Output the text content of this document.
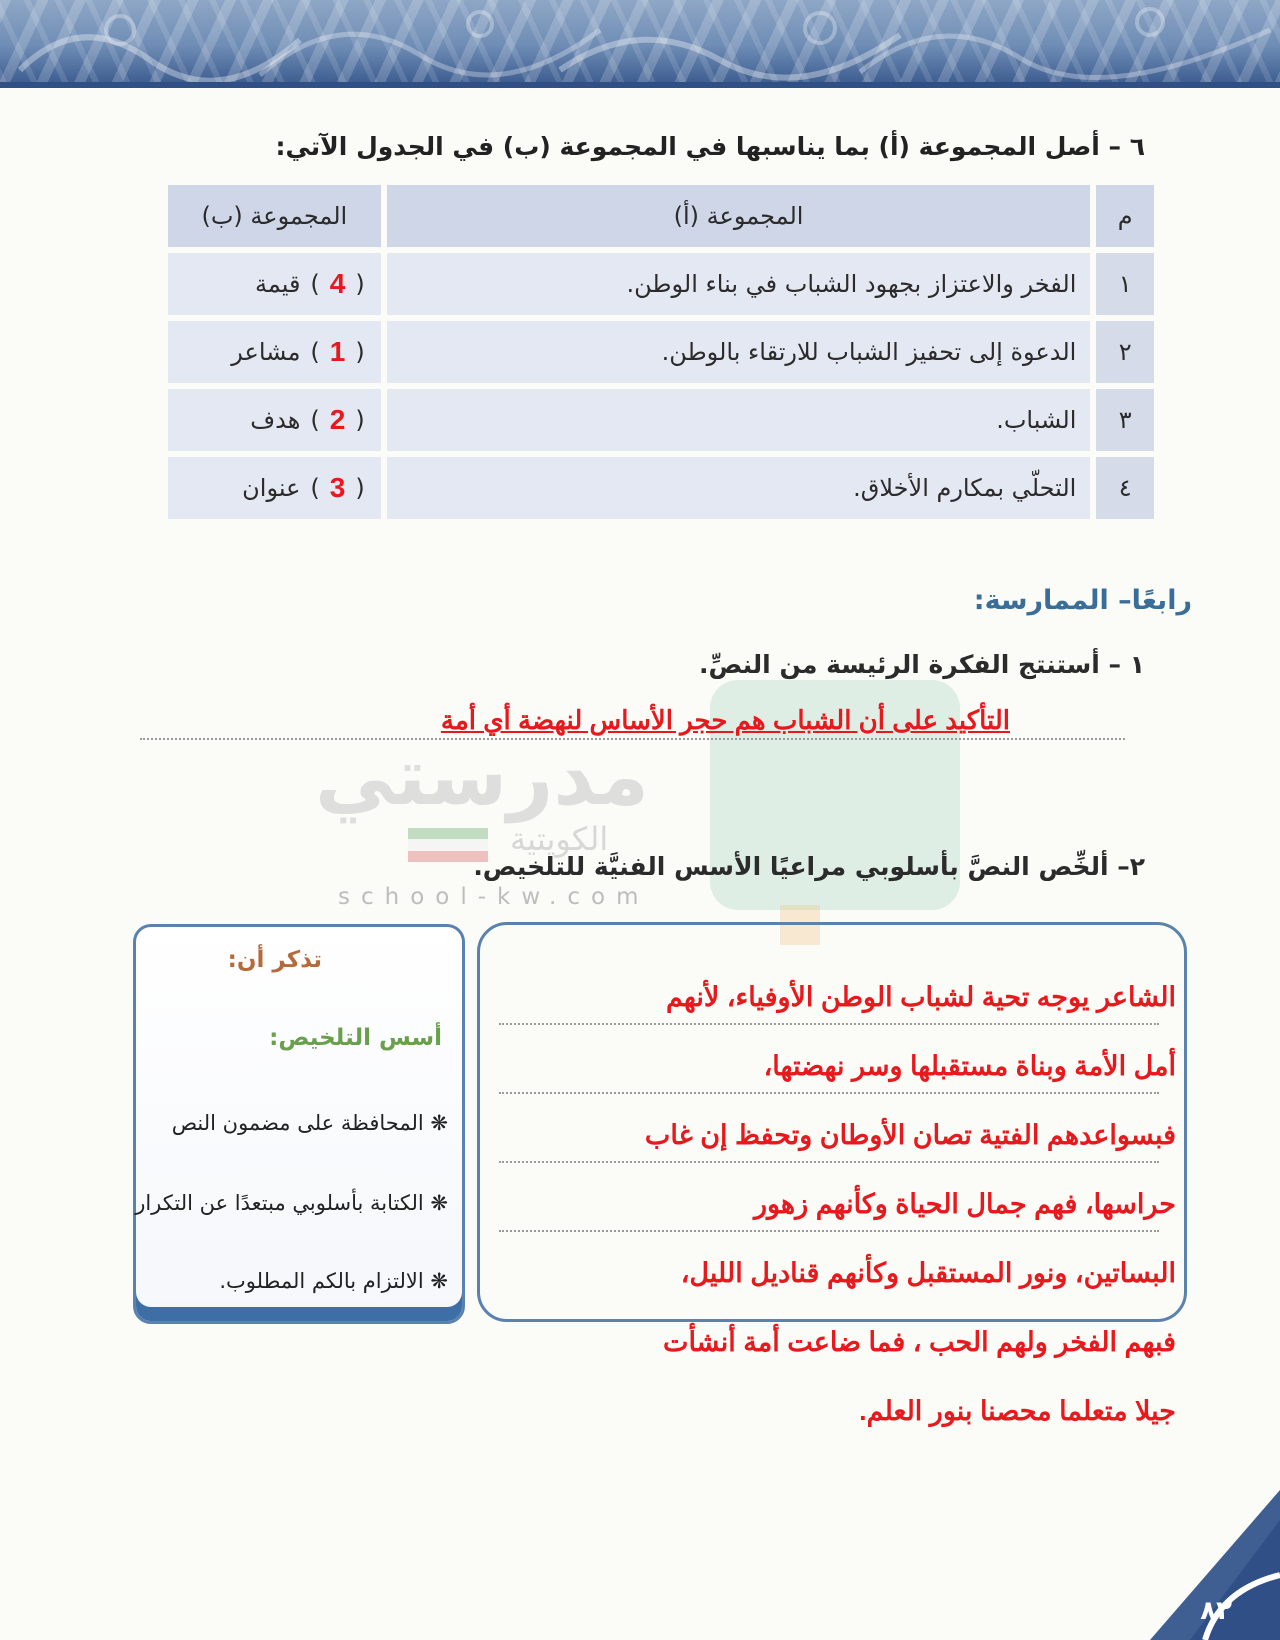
٦ – أصل المجموعة (أ) بما يناسبها في المجموعة (ب) في الجدول الآتي:
م
المجموعة (أ)
المجموعة (ب)
١
الفخر والاعتزاز بجهود الشباب في بناء الوطن.
(
4
)
قيمة
٢
الدعوة إلى تحفيز الشباب للارتقاء بالوطن.
(
1
)
مشاعر
٣
الشباب.
(
2
)
هدف
٤
التحلّي بمكارم الأخلاق.
(
3
)
عنوان
مدرستي
الكويتية
school-kw.com
رابعًا– الممارسة:
١ – أستنتج الفكرة الرئيسة من النصِّ.
التأكيد على أن الشباب هم حجر الأساس لنهضة أي أمة
٢– ألخِّص النصَّ بأسلوبي مراعيًا الأسس الفنيَّة للتلخيص.
تذكر أن:
أسس التلخيص:
❋ المحافظة على مضمون النص
❋ الكتابة بأسلوبي مبتعدًا عن التكرار
❋ الالتزام بالكم المطلوب.
الشاعر يوجه تحية لشباب الوطن الأوفياء، لأنهم
أمل الأمة وبناة مستقبلها وسر نهضتها،
فبسواعدهم الفتية تصان الأوطان وتحفظ إن غاب
حراسها، فهم جمال الحياة وكأنهم زهور
البساتين، ونور المستقبل وكأنهم قناديل الليل،
فبهم الفخر ولهم الحب ، فما ضاعت أمة أنشأت
جيلا متعلما محصنا بنور العلم.
٨٢
